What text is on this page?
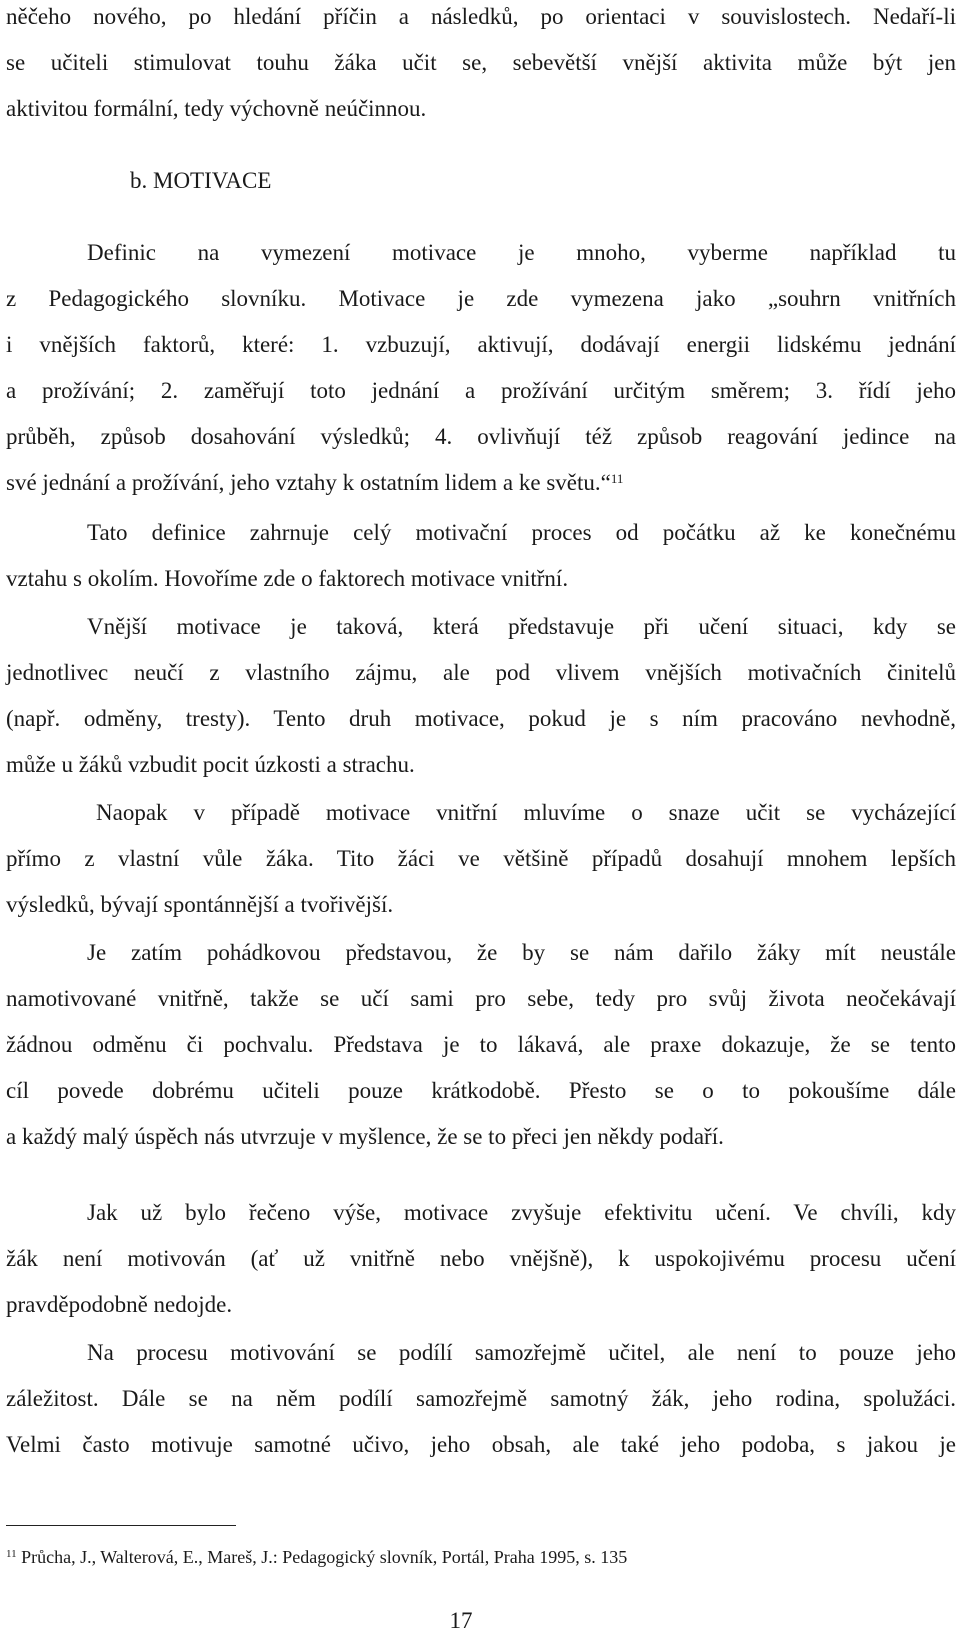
něčeho nového, po hledání příčin a následků, po orientaci v souvislostech. Nedaří-li
se učiteli stimulovat touhu žáka učit se, sebevětší vnější aktivita může být jen
aktivitou formální, tedy výchovně neúčinnou.
b. MOTIVACE
Definic na vymezení motivace je mnoho, vyberme například tu
z Pedagogického slovníku. Motivace je zde vymezena jako „souhrn vnitřních
i vnějších faktorů, které: 1. vzbuzují, aktivují, dodávají energii lidskému jednání
a prožívání; 2. zaměřují toto jednání a prožívání určitým směrem; 3. řídí jeho
průběh, způsob dosahování výsledků; 4. ovlivňují též způsob reagování jedince na
své jednání a prožívání, jeho vztahy k ostatním lidem a ke světu.“$^{11}$
Tato definice zahrnuje celý motivační proces od počátku až ke konečnému
vztahu s okolím. Hovoříme zde o faktorech motivace vnitřní.
Vnější motivace je taková, která představuje při učení situaci, kdy se
jednotlivec neučí z vlastního zájmu, ale pod vlivem vnějších motivačních činitelů
(např. odměny, tresty). Tento druh motivace, pokud je s ním pracováno nevhodně,
může u žáků vzbudit pocit úzkosti a strachu.
Naopak v případě motivace vnitřní mluvíme o snaze učit se vycházející
přímo z vlastní vůle žáka. Tito žáci ve většině případů dosahují mnohem lepších
výsledků, bývají spontánnější a tvořivější.
Je zatím pohádkovou představou, že by se nám dařilo žáky mít neustále
namotivované vnitřně, takže se učí sami pro sebe, tedy pro svůj života neočekávají
žádnou odměnu či pochvalu. Představa je to lákavá, ale praxe dokazuje, že se tento
cíl povede dobrému učiteli pouze krátkodobě. Přesto se o to pokoušíme dále
a každý malý úspěch nás utvrzuje v myšlence, že se to přeci jen někdy podaří.
Jak už bylo řečeno výše, motivace zvyšuje efektivitu učení. Ve chvíli, kdy
žák není motivován (ať už vnitřně nebo vnějšně), k uspokojivému procesu učení
pravděpodobně nedojde.
Na procesu motivování se podílí samozřejmě učitel, ale není to pouze jeho
záležitost. Dále se na něm podílí samozřejmě samotný žák, jeho rodina, spolužáci.
Velmi často motivuje samotné učivo, jeho obsah, ale také jeho podoba, s jakou je
$^{11}$ Průcha, J., Walterová, E., Mareš, J.: Pedagogický slovník, Portál, Praha 1995, s. 135
17
